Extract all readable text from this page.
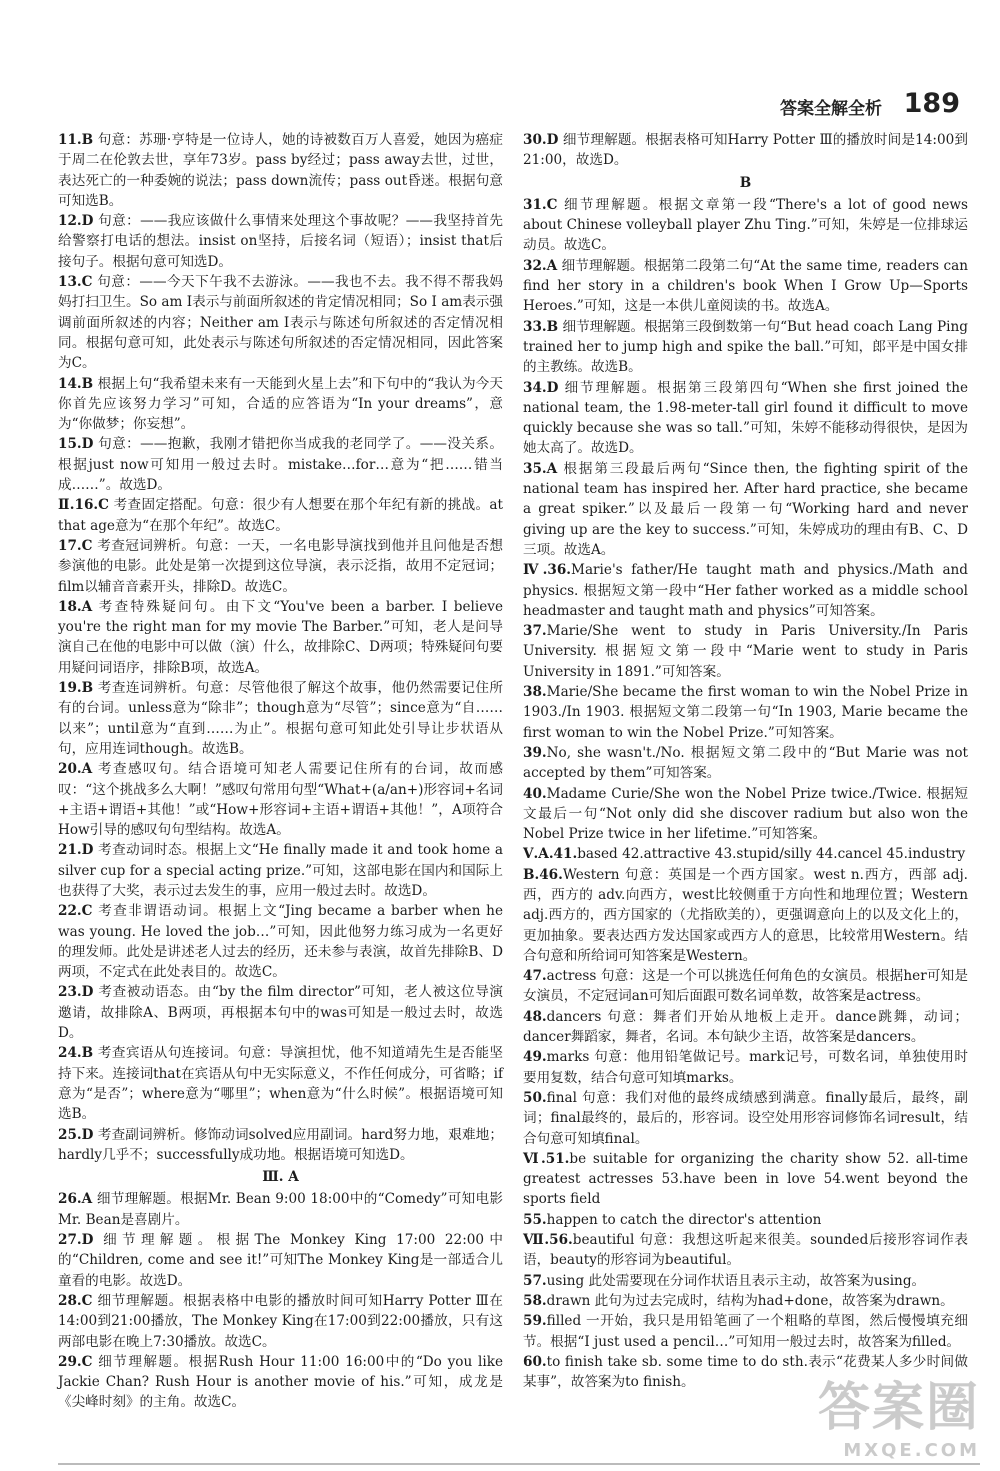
答案全解全析 189

11.B 句意：苏珊·亨特是一位诗人，她的诗被数百万人喜爱，她因为癌症于周二在伦敦去世，享年73岁。pass by经过；pass away去世，过世，表达死亡的一种委婉的说法；pass down流传；pass out昏迷。根据句意可知选B。

12.D 句意：——我应该做什么事情来处理这个事故呢？——我坚持首先给警察打电话的想法。insist on坚持，后接名词（短语）；insist that后接句子。根据句意可知选D。

13.C 句意：——今天下午我不去游泳。——我也不去。我不得不帮我妈妈打扫卫生。So am I表示与前面所叙述的肯定情况相同；So I am表示强调前面所叙述的内容；Neither am I表示与陈述句所叙述的否定情况相同。根据句意可知，此处表示与陈述句所叙述的否定情况相同，因此答案为C。

14.B 根据上句“我希望未来有一天能到火星上去”和下句中的“我认为今天你首先应该努力学习”可知，合适的应答语为“In your dreams”，意为“你做梦；你妄想”。

15.D 句意：——抱歉，我刚才错把你当成我的老同学了。——没关系。根据just now可知用一般过去时。mistake…for…意为“把……错当成……”。故选D。

Ⅱ.16.C 考查固定搭配。句意：很少有人想要在那个年纪有新的挑战。at that age意为“在那个年纪”。故选C。

17.C 考查冠词辨析。句意：一天，一名电影导演找到他并且问他是否想参演他的电影。此处是第一次提到这位导演，表示泛指，故用不定冠词；film以辅音音素开头，排除D。故选C。

18.A 考查特殊疑问句。由下文“You've been a barber. I believe you're the right man for my movie The Barber.”可知，老人是问导演自己在他的电影中可以做（演）什么，故排除C、D两项；特殊疑问句要用疑问词语序，排除B项，故选A。

19.B 考查连词辨析。句意：尽管他很了解这个故事，他仍然需要记住所有的台词。unless意为“除非”；though意为“尽管”；since意为“自……以来”；until意为“直到……为止”。根据句意可知此处引导让步状语从句，应用连词though。故选B。

20.A 考查感叹句。结合语境可知老人需要记住所有的台词，故而感叹：“这个挑战多么大啊！”感叹句常用句型“What+(a/an+)形容词+名词+主语+谓语+其他！”或“How+形容词+主语+谓语+其他！”，A项符合How引导的感叹句句型结构。故选A。

21.D 考查动词时态。根据上文“He finally made it and took home a silver cup for a special acting prize.”可知，这部电影在国内和国际上也获得了大奖，表示过去发生的事，应用一般过去时。故选D。

22.C 考查非谓语动词。根据上文“Jing became a barber when he was young. He loved the job…”可知，因此他努力练习成为一名更好的理发师。此处是讲述老人过去的经历，还未参与表演，故首先排除B、D两项，不定式在此处表目的。故选C。

23.D 考查被动语态。由“by the film director”可知，老人被这位导演邀请，故排除A、B两项，再根据本句中的was可知是一般过去时，故选D。

24.B 考查宾语从句连接词。句意：导演担忧，他不知道靖先生是否能坚持下来。连接词that在宾语从句中无实际意义，不作任何成分，可省略；if意为“是否”；where意为“哪里”；when意为“什么时候”。根据语境可知选B。

25.D 考查副词辨析。修饰动词solved应用副词。hard努力地，艰难地；hardly几乎不；successfully成功地。根据语境可知选D。

Ⅲ. A

26.A 细节理解题。根据Mr. Bean 9:00 18:00中的“Comedy”可知电影Mr. Bean是喜剧片。

27.D 细节理解题。根据The Monkey King 17:00 22:00中的“Children, come and see it!”可知The Monkey King是一部适合儿童看的电影。故选D。

28.C 细节理解题。根据表格中电影的播放时间可知Harry Potter Ⅲ在14:00到21:00播放，The Monkey King在17:00到22:00播放，只有这两部电影在晚上7:30播放。故选C。

29.C 细节理解题。根据Rush Hour 11:00 16:00中的“Do you like Jackie Chan? Rush Hour is another movie of his.”可知，成龙是《尖峰时刻》的主角。故选C。

30.D 细节理解题。根据表格可知Harry Potter Ⅲ的播放时间是14:00到21:00，故选D。

B

31.C 细节理解题。根据文章第一段“There's a lot of good news about Chinese volleyball player Zhu Ting.”可知，朱婷是一位排球运动员。故选C。

32.A 细节理解题。根据第二段第二句“At the same time, readers can find her story in a children's book When I Grow Up—Sports Heroes.”可知，这是一本供儿童阅读的书。故选A。

33.B 细节理解题。根据第三段倒数第一句“But head coach Lang Ping trained her to jump high and spike the ball.”可知，郎平是中国女排的主教练。故选B。

34.D 细节理解题。根据第三段第四句“When she first joined the national team, the 1.98-meter-tall girl found it difficult to move quickly because she was so tall.”可知，朱婷不能移动得很快，是因为她太高了。故选D。

35.A 根据第三段最后两句“Since then, the fighting spirit of the national team has inspired her. After hard practice, she became a great spiker.”以及最后一段第一句“Working hard and never giving up are the key to success.”可知，朱婷成功的理由有B、C、D三项。故选A。

Ⅳ.36.Marie's father/He taught math and physics./Math and physics. 根据短文第一段中“Her father worked as a middle school headmaster and taught math and physics”可知答案。

37.Marie/She went to study in Paris University./In Paris University. 根据短文第一段中“Marie went to study in Paris University in 1891.”可知答案。

38.Marie/She became the first woman to win the Nobel Prize in 1903./In 1903. 根据短文第二段第一句“In 1903, Marie became the first woman to win the Nobel Prize.”可知答案。

39.No, she wasn't./No. 根据短文第二段中的“But Marie was not accepted by them”可知答案。

40.Madame Curie/She won the Nobel Prize twice./Twice. 根据短文最后一句“Not only did she discover radium but also won the Nobel Prize twice in her lifetime.”可知答案。

Ⅴ.A.41.based 42.attractive 43.stupid/silly 44.cancel 45.industry

B.46.Western 句意：英国是一个西方国家。west n.西方，西部 adj.西，西方的 adv.向西方，west比较侧重于方向性和地理位置；Western adj.西方的，西方国家的（尤指欧美的），更强调意向上的以及文化上的，更加抽象。要表达西方发达国家或西方人的意思，比较常用Western。结合句意和所给词可知答案是Western。

47.actress 句意：这是一个可以挑选任何角色的女演员。根据her可知是女演员，不定冠词an可知后面跟可数名词单数，故答案是actress。

48.dancers 句意：舞者们开始从地板上走开。dance跳舞，动词；dancer舞蹈家，舞者，名词。本句缺少主语，故答案是dancers。

49.marks 句意：他用铅笔做记号。mark记号，可数名词，单独使用时要用复数，结合句意可知填marks。

50.final 句意：我们对他的最终成绩感到满意。finally最后，最终，副词；final最终的，最后的，形容词。设空处用形容词修饰名词result，结合句意可知填final。

Ⅵ.51.be suitable for organizing the charity show 52. all-time greatest actresses 53.have been in love 54.went beyond the sports field

55.happen to catch the director's attention

Ⅶ.56.beautiful 句意：我想这听起来很美。sounded后接形容词作表语，beauty的形容词为beautiful。

57.using 此处需要现在分词作状语且表示主动，故答案为using。

58.drawn 此句为过去完成时，结构为had+done，故答案为drawn。

59.filled 一开始，我只是用铅笔画了一个粗略的草图，然后慢慢填充细节。根据“I just used a pencil…”可知用一般过去时，故答案为filled。

60.to finish take sb. some time to do sth.表示“花费某人多少时间做某事”，故答案为to finish。	答案圈
MXQE.COM
